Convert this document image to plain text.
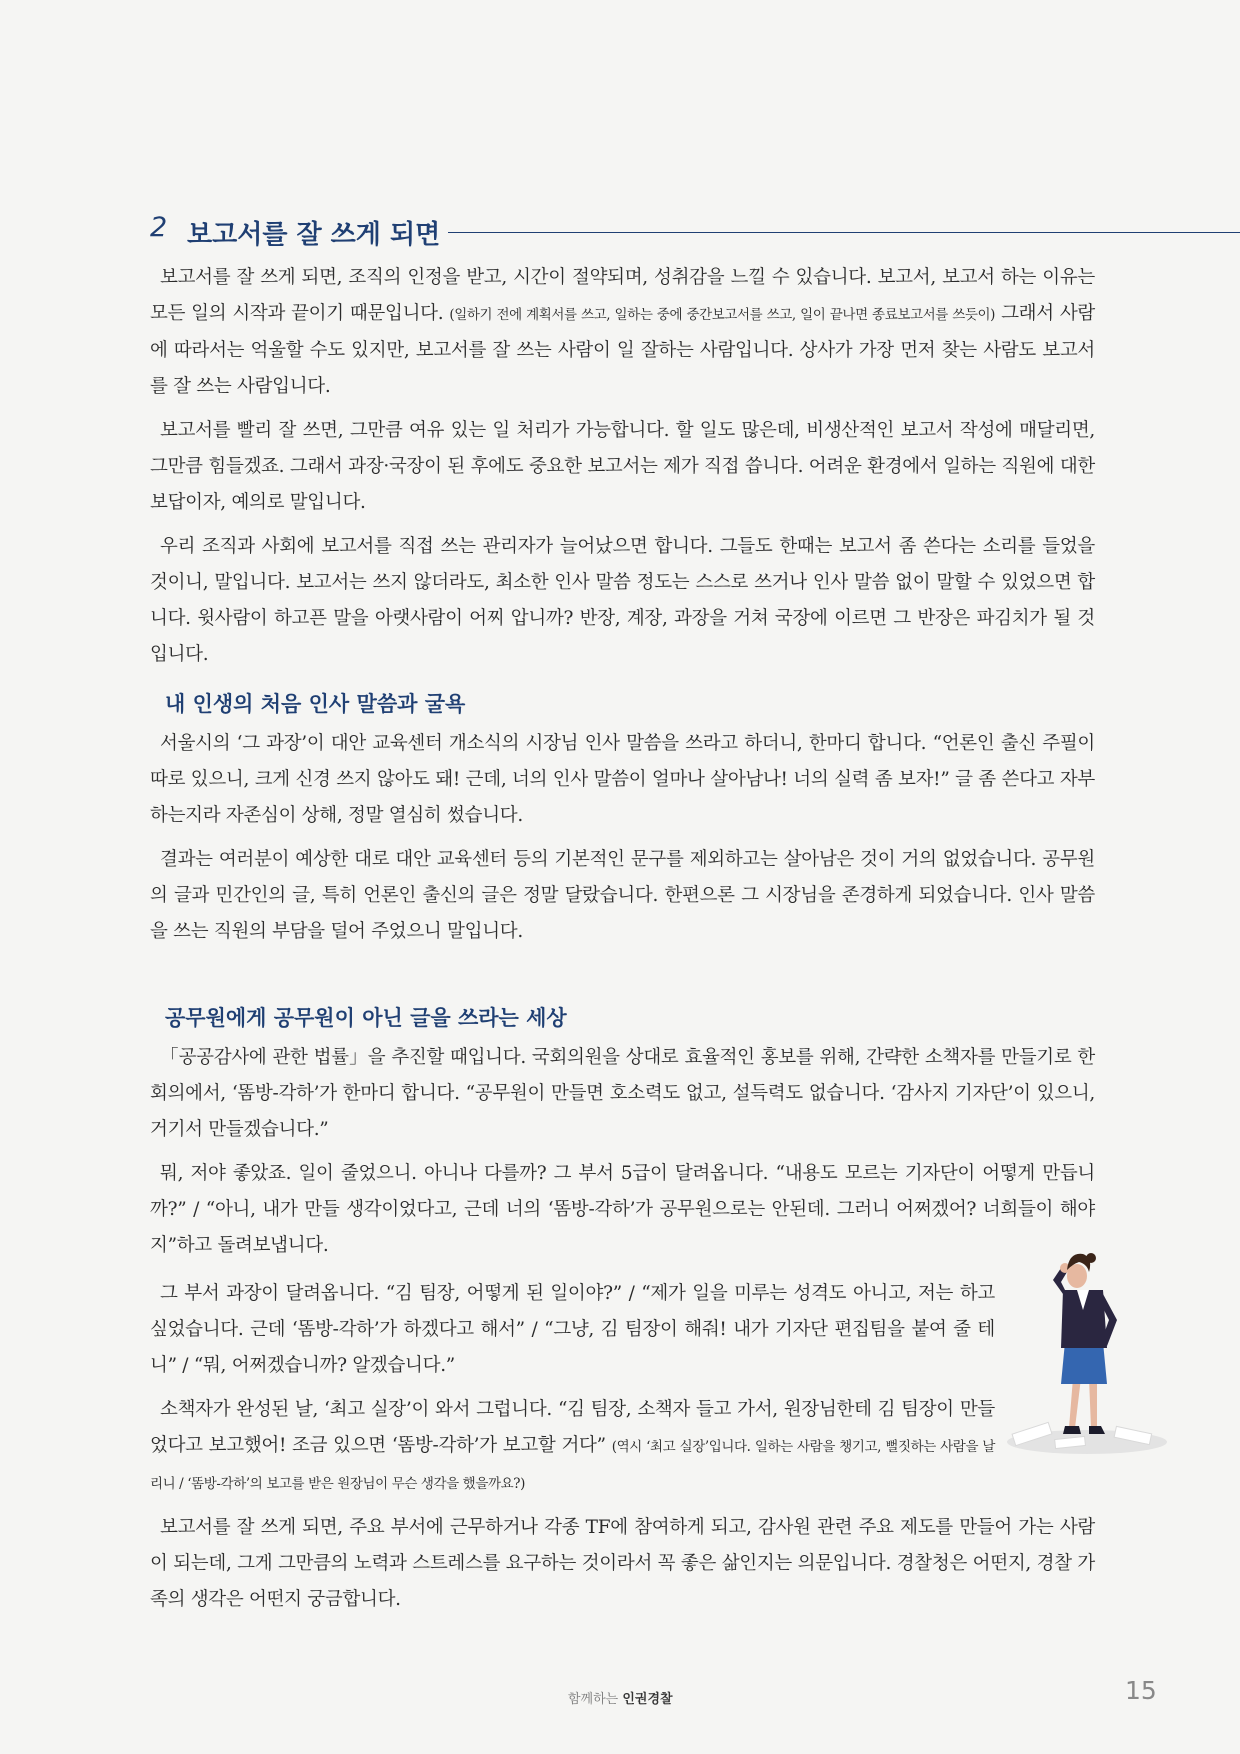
2 보고서를 잘 쓰게 되면

보고서를 잘 쓰게 되면, 조직의 인정을 받고, 시간이 절약되며, 성취감을 느낄 수 있습니다. 보고서, 보고서 하는 이유는 모든 일의 시작과 끝이기 때문입니다. (일하기 전에 계획서를 쓰고, 일하는 중에 중간보고서를 쓰고, 일이 끝나면 종료보고서를 쓰듯이) 그래서 사람에 따라서는 억울할 수도 있지만, 보고서를 잘 쓰는 사람이 일 잘하는 사람입니다. 상사가 가장 먼저 찾는 사람도 보고서를 잘 쓰는 사람입니다.

보고서를 빨리 잘 쓰면, 그만큼 여유 있는 일 처리가 가능합니다. 할 일도 많은데, 비생산적인 보고서 작성에 매달리면, 그만큼 힘들겠죠. 그래서 과장·국장이 된 후에도 중요한 보고서는 제가 직접 씁니다. 어려운 환경에서 일하는 직원에 대한 보답이자, 예의로 말입니다.

우리 조직과 사회에 보고서를 직접 쓰는 관리자가 늘어났으면 합니다. 그들도 한때는 보고서 좀 쓴다는 소리를 들었을 것이니, 말입니다. 보고서는 쓰지 않더라도, 최소한 인사 말씀 정도는 스스로 쓰거나 인사 말씀 없이 말할 수 있었으면 합니다. 윗사람이 하고픈 말을 아랫사람이 어찌 압니까? 반장, 계장, 과장을 거쳐 국장에 이르면 그 반장은 파김치가 될 것입니다.

내 인생의 처음 인사 말씀과 굴욕

서울시의 ‘그 과장’이 대안 교육센터 개소식의 시장님 인사 말씀을 쓰라고 하더니, 한마디 합니다. “언론인 출신 주필이 따로 있으니, 크게 신경 쓰지 않아도 돼! 근데, 너의 인사 말씀이 얼마나 살아남나! 너의 실력 좀 보자!” 글 좀 쓴다고 자부하는지라 자존심이 상해, 정말 열심히 썼습니다.

결과는 여러분이 예상한 대로 대안 교육센터 등의 기본적인 문구를 제외하고는 살아남은 것이 거의 없었습니다. 공무원의 글과 민간인의 글, 특히 언론인 출신의 글은 정말 달랐습니다. 한편으론 그 시장님을 존경하게 되었습니다. 인사 말씀을 쓰는 직원의 부담을 덜어 주었으니 말입니다.

공무원에게 공무원이 아닌 글을 쓰라는 세상

「공공감사에 관한 법률」을 추진할 때입니다. 국회의원을 상대로 효율적인 홍보를 위해, 간략한 소책자를 만들기로 한 회의에서, ‘똠방-각하’가 한마디 합니다. “공무원이 만들면 호소력도 없고, 설득력도 없습니다. ‘감사지 기자단’이 있으니, 거기서 만들겠습니다.”

뭐, 저야 좋았죠. 일이 줄었으니. 아니나 다를까? 그 부서 5급이 달려옵니다. “내용도 모르는 기자단이 어떻게 만듭니까?” / “아니, 내가 만들 생각이었다고, 근데 너의 ‘똠방-각하’가 공무원으로는 안된데. 그러니 어쩌겠어? 너희들이 해야지”하고 돌려보냅니다.

그 부서 과장이 달려옵니다. “김 팀장, 어떻게 된 일이야?” / “제가 일을 미루는 성격도 아니고, 저는 하고 싶었습니다. 근데 ‘똠방-각하’가 하겠다고 해서” / “그냥, 김 팀장이 해줘! 내가 기자단 편집팀을 붙여 줄 테니” / “뭐, 어쩌겠습니까? 알겠습니다.”

소책자가 완성된 날, ‘최고 실장’이 와서 그럽니다. “김 팀장, 소책자 들고 가서, 원장님한테 김 팀장이 만들었다고 보고했어! 조금 있으면 ‘똠방-각하’가 보고할 거다” (역시 ‘최고 실장’입니다. 일하는 사람을 챙기고, 뻘짓하는 사람을 날리니 / ‘똠방-각하’의 보고를 받은 원장님이 무슨 생각을 했을까요?)

보고서를 잘 쓰게 되면, 주요 부서에 근무하거나 각종 TF에 참여하게 되고, 감사원 관련 주요 제도를 만들어 가는 사람이 되는데, 그게 그만큼의 노력과 스트레스를 요구하는 것이라서 꼭 좋은 삶인지는 의문입니다. 경찰청은 어떤지, 경찰 가족의 생각은 어떤지 궁금합니다.

함께하는 인권경찰	15
